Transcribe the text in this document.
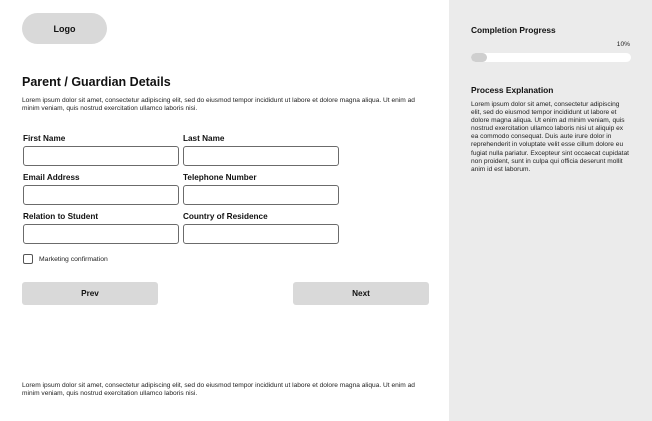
Logo
Parent / Guardian Details
Lorem ipsum dolor sit amet, consectetur adipiscing elit, sed do eiusmod tempor incididunt ut labore et dolore magna aliqua. Ut enim ad minim veniam, quis nostrud exercitation ullamco laboris nisi.
First Name	Last Name
Email Address	Telephone Number
Relation to Student	Country of Residence
Marketing confirmation
Prev	Next
Lorem ipsum dolor sit amet, consectetur adipiscing elit, sed do eiusmod tempor incididunt ut labore et dolore magna aliqua. Ut enim ad minim veniam, quis nostrud exercitation ullamco laboris nisi.
Completion Progress
10%
Process Explanation
Lorem ipsum dolor sit amet, consectetur adipiscing elit, sed do eiusmod tempor incididunt ut labore et dolore magna aliqua. Ut enim ad minim veniam, quis nostrud exercitation ullamco laboris nisi ut aliquip ex ea commodo consequat. Duis aute irure dolor in reprehenderit in voluptate velit esse cillum dolore eu fugiat nulla pariatur. Excepteur sint occaecat cupidatat non proident, sunt in culpa qui officia deserunt mollit anim id est laborum.
